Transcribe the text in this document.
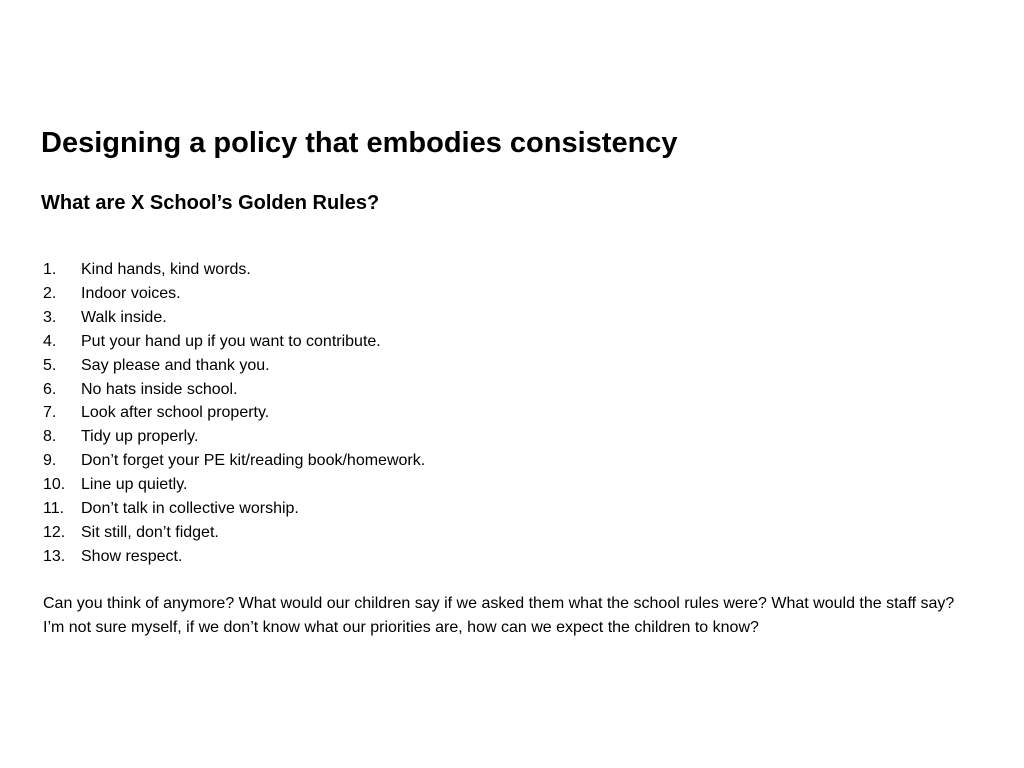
Designing a policy that embodies consistency
What are X School’s Golden Rules?
1.	Kind hands, kind words.
2.	Indoor voices.
3.	Walk inside.
4.	Put your hand up if you want to contribute.
5.	Say please and thank you.
6.	No hats inside school.
7.	Look after school property.
8.	Tidy up properly.
9.	Don’t forget your PE kit/reading book/homework.
10. Line up quietly.
11.	Don’t talk in collective worship.
12. Sit still, don’t fidget.
13. Show respect.

Can you think of anymore? What would our children say if we asked them what the school rules were? What would the staff say? I’m not sure myself, if we don’t know what our priorities are, how can we expect the children to know?
